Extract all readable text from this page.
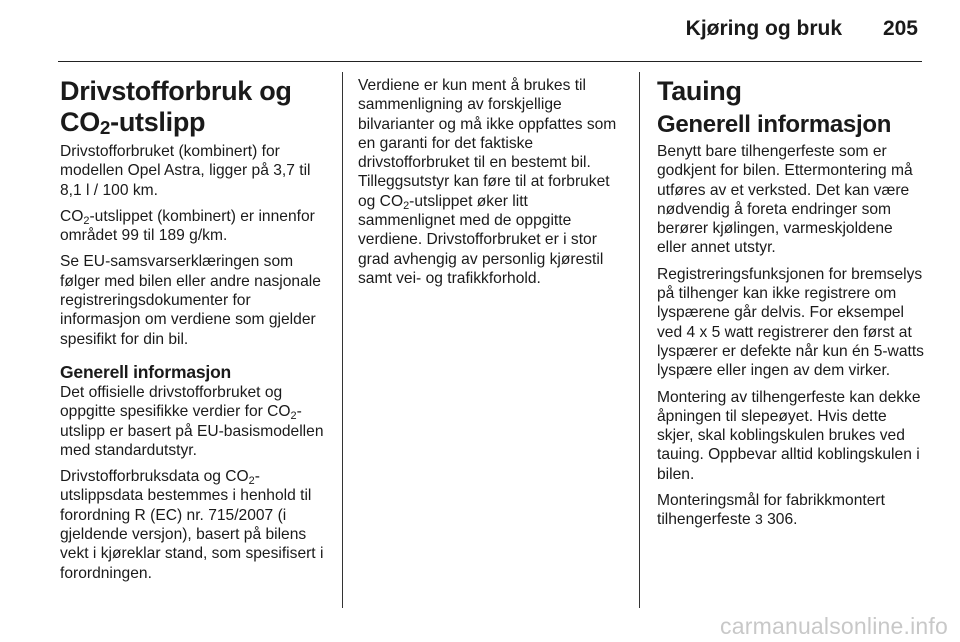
Kjøring og bruk 205
Drivstofforbruk og $CO_2$-utslipp

Drivstofforbruket (kombinert) for modellen Opel Astra, ligger på 3,7 til 8,1 l / 100 km.

$CO_2$-utslippet (kombinert) er innenfor området 99 til 189 g/km.

Se EU-samsvarserklæringen som følger med bilen eller andre nasjonale registreringsdokumenter for informasjon om verdiene som gjelder spesifikt for din bil.

Generell informasjon

Det offisielle drivstofforbruket og oppgitte spesifikke verdier for $CO_2$-utslipp er basert på EU-basismodellen med standardutstyr.

Drivstofforbruksdata og $CO_2$-utslippsdata bestemmes i henhold til forordning R (EC) nr. 715/2007 (i gjeldende versjon), basert på bilens vekt i kjøreklar stand, som spesifisert i forordningen.

Verdiene er kun ment å brukes til sammenligning av forskjellige bilvarianter og må ikke oppfattes som en garanti for det faktiske drivstofforbruket til en bestemt bil. Tilleggsutstyr kan føre til at forbruket og $CO_2$-utslippet øker litt sammenlignet med de oppgitte verdiene. Drivstofforbruket er i stor grad avhengig av personlig kjørestil samt vei- og trafikkforhold.

Tauing
Generell informasjon

Benytt bare tilhengerfeste som er godkjent for bilen. Ettermontering må utføres av et verksted. Det kan være nødvendig å foreta endringer som berører kjølingen, varmeskjoldene eller annet utstyr.

Registreringsfunksjonen for bremselys på tilhenger kan ikke registrere om lyspærene går delvis. For eksempel ved 4 x 5 watt registrerer den først at lyspærer er defekte når kun én 5-watts lyspære eller ingen av dem virker.

Montering av tilhengerfeste kan dekke åpningen til slepeøyet. Hvis dette skjer, skal koblingskulen brukes ved tauing. Oppbevar alltid koblingskulen i bilen.

Monteringsmål for fabrikkmontert tilhengerfeste 3 306.

carmanualsonline.info
